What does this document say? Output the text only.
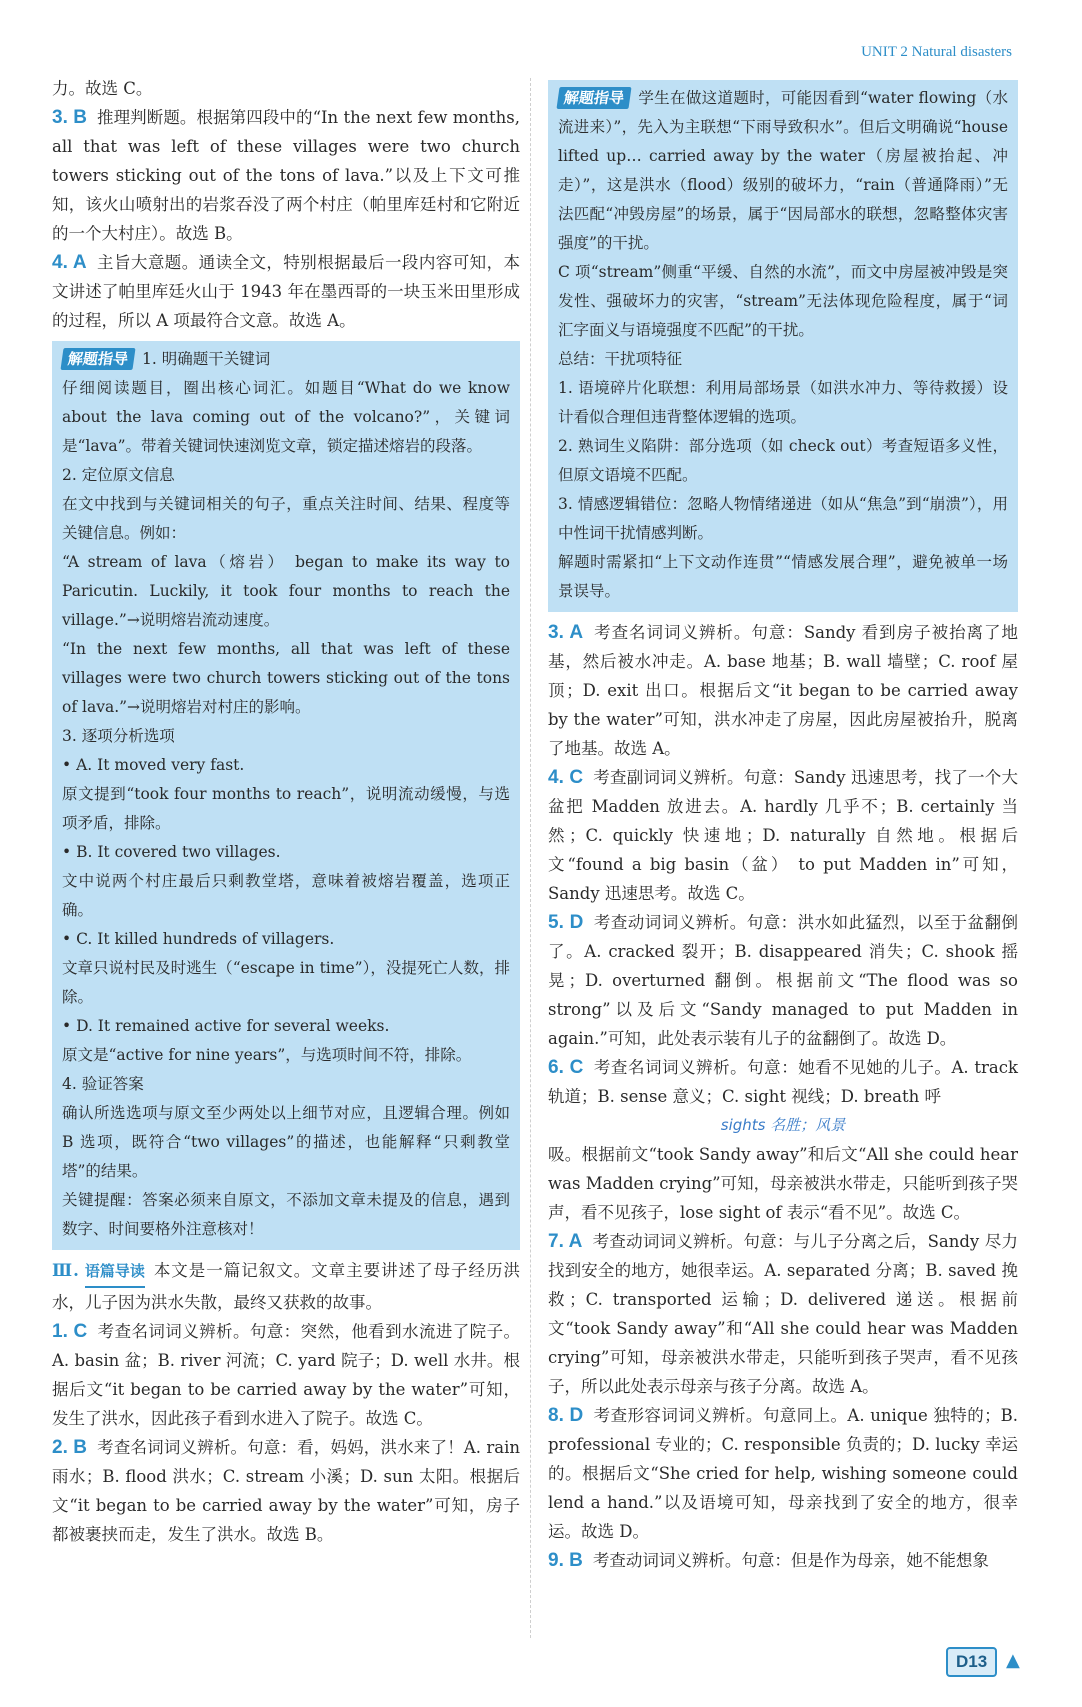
UNIT 2 Natural disasters

力。故选 C。

3. B 推理判断题。根据第四段中的“In the next few months, all that was left of these villages were two church towers sticking out of the tons of lava.”以及上下文可推知，该火山喷射出的岩浆吞没了两个村庄（帕里库廷村和它附近的一个大村庄）。故选 B。

4. A 主旨大意题。通读全文，特别根据最后一段内容可知，本文讲述了帕里库廷火山于 1943 年在墨西哥的一块玉米田里形成的过程，所以 A 项最符合文意。故选 A。

解题指导 1. 明确题干关键词

仔细阅读题目，圈出核心词汇。如题目“What do we know about the lava coming out of the volcano?”，关键词是“lava”。带着关键词快速浏览文章，锁定描述熔岩的段落。

2. 定位原文信息

在文中找到与关键词相关的句子，重点关注时间、结果、程度等关键信息。例如：

“A stream of lava（熔岩） began to make its way to Paricutin. Luckily, it took four months to reach the village.”→说明熔岩流动速度。

“In the next few months, all that was left of these villages were two church towers sticking out of the tons of lava.”→说明熔岩对村庄的影响。

3. 逐项分析选项

• A. It moved very fast.

原文提到“took four months to reach”，说明流动缓慢，与选项矛盾，排除。

• B. It covered two villages.

文中说两个村庄最后只剩教堂塔，意味着被熔岩覆盖，选项正确。

• C. It killed hundreds of villagers.

文章只说村民及时逃生（“escape in time”），没提死亡人数，排除。

• D. It remained active for several weeks.

原文是“active for nine years”，与选项时间不符，排除。

4. 验证答案

确认所选选项与原文至少两处以上细节对应，且逻辑合理。例如 B 选项，既符合“two villages”的描述，也能解释“只剩教堂塔”的结果。

关键提醒：答案必须来自原文，不添加文章未提及的信息，遇到数字、时间要格外注意核对！

Ⅲ. 语篇导读 本文是一篇记叙文。文章主要讲述了母子经历洪水，儿子因为洪水失散，最终又获救的故事。

1. C 考查名词词义辨析。句意：突然，他看到水流进了院子。A. basin 盆；B. river 河流；C. yard 院子；D. well 水井。根据后文“it began to be carried away by the water”可知，发生了洪水，因此孩子看到水进入了院子。故选 C。

2. B 考查名词词义辨析。句意：看，妈妈，洪水来了！A. rain 雨水；B. flood 洪水；C. stream 小溪；D. sun 太阳。根据后文“it began to be carried away by the water”可知，房子都被裹挟而走，发生了洪水。故选 B。

解题指导 学生在做这道题时，可能因看到“water flowing（水流进来）”，先入为主联想“下雨导致积水”。但后文明确说“house lifted up… carried away by the water（房屋被抬起、冲走）”，这是洪水（flood）级别的破坏力，“rain（普通降雨）”无法匹配“冲毁房屋”的场景，属于“因局部水的联想，忽略整体灾害强度”的干扰。

C 项“stream”侧重“平缓、自然的水流”，而文中房屋被冲毁是突发性、强破坏力的灾害，“stream”无法体现危险程度，属于“词汇字面义与语境强度不匹配”的干扰。

总结：干扰项特征

1. 语境碎片化联想：利用局部场景（如洪水冲力、等待救援）设计看似合理但违背整体逻辑的选项。

2. 熟词生义陷阱：部分选项（如 check out）考查短语多义性，但原文语境不匹配。

3. 情感逻辑错位：忽略人物情绪递进（如从“焦急”到“崩溃”），用中性词干扰情感判断。

解题时需紧扣“上下文动作连贯”“情感发展合理”，避免被单一场景误导。

3. A 考查名词词义辨析。句意：Sandy 看到房子被抬离了地基，然后被水冲走。A. base 地基；B. wall 墙壁；C. roof 屋顶；D. exit 出口。根据后文“it began to be carried away by the water”可知，洪水冲走了房屋，因此房屋被抬升，脱离了地基。故选 A。

4. C 考查副词词义辨析。句意：Sandy 迅速思考，找了一个大盆把 Madden 放进去。A. hardly 几乎不；B. certainly 当然；C. quickly 快速地；D. naturally 自然地。根据后文“found a big basin（盆） to put Madden in”可知，Sandy 迅速思考。故选 C。

5. D 考查动词词义辨析。句意：洪水如此猛烈，以至于盆翻倒了。A. cracked 裂开；B. disappeared 消失；C. shook 摇晃；D. overturned 翻倒。根据前文“The flood was so strong”以及后文“Sandy managed to put Madden in again.”可知，此处表示装有儿子的盆翻倒了。故选 D。

6. C 考查名词词义辨析。句意：她看不见她的儿子。A. track 轨道；B. sense 意义；C. sight 视线；D. breath 呼

sights 名胜；风景

吸。根据前文“took Sandy away”和后文“All she could hear was Madden crying”可知，母亲被洪水带走，只能听到孩子哭声，看不见孩子，lose sight of 表示“看不见”。故选 C。

7. A 考查动词词义辨析。句意：与儿子分离之后，Sandy 尽力找到安全的地方，她很幸运。A. separated 分离；B. saved 挽救；C. transported 运输；D. delivered 递送。根据前文“took Sandy away”和“All she could hear was Madden crying”可知，母亲被洪水带走，只能听到孩子哭声，看不见孩子，所以此处表示母亲与孩子分离。故选 A。

8. D 考查形容词词义辨析。句意同上。A. unique 独特的；B. professional 专业的；C. responsible 负责的；D. lucky 幸运的。根据后文“She cried for help, wishing someone could lend a hand.”以及语境可知，母亲找到了安全的地方，很幸运。故选 D。

9. B 考查动词词义辨析。句意：但是作为母亲，她不能想象

D13	▲
